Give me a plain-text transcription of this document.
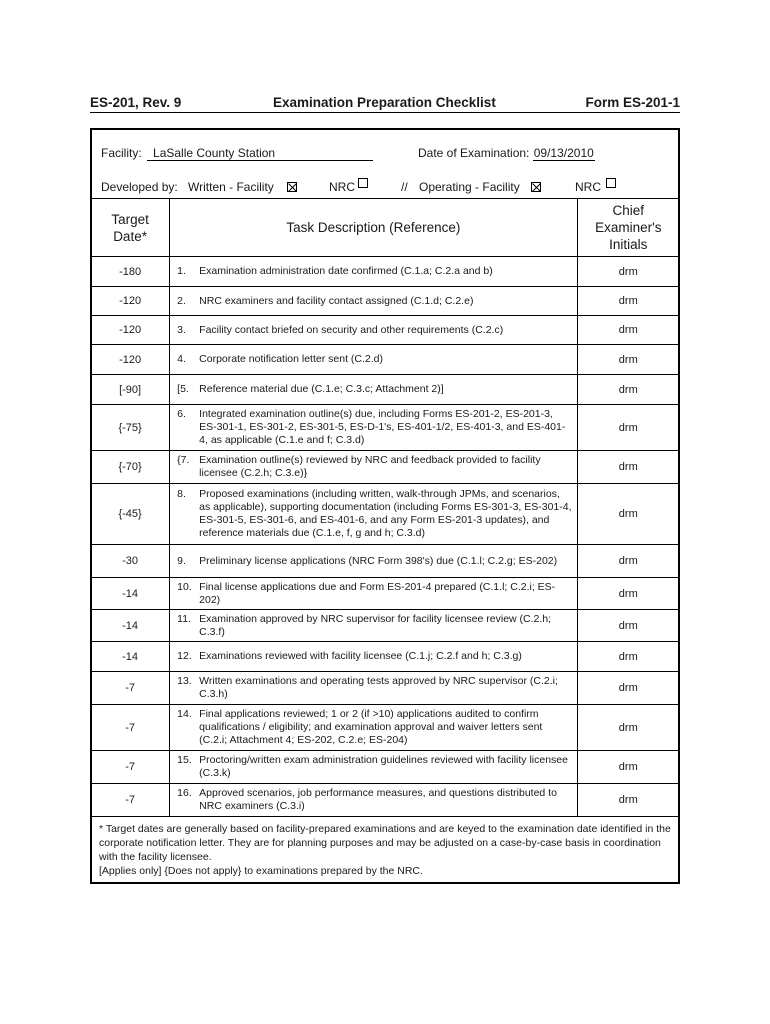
ES-201, Rev. 9	Examination Preparation Checklist	Form ES-201-1
Facility: LaSalle County Station	Date of Examination: 09/13/2010
Developed by: Written - Facility	NRC	// Operating - Facility	NRC
Target Date*	Task Description (Reference)	Chief Examiner's Initials

-180	1. Examination administration date confirmed (C.1.a; C.2.a and b)	drm
-120	2. NRC examiners and facility contact assigned (C.1.d; C.2.e)	drm
-120	3. Facility contact briefed on security and other requirements (C.2.c)	drm
-120	4. Corporate notification letter sent (C.2.d)	drm
[-90]	[5. Reference material due (C.1.e; C.3.c; Attachment 2)]	drm
{-75}	6. Integrated examination outline(s) due, including Forms ES-201-2, ES-201-3, ES-301-1, ES-301-2, ES-301-5, ES-D-1's, ES-401-1/2, ES-401-3, and ES-401-4, as applicable (C.1.e and f; C.3.d)	drm
{-70}	{7. Examination outline(s) reviewed by NRC and feedback provided to facility licensee (C.2.h; C.3.e)}	drm
{-45}	8. Proposed examinations (including written, walk-through JPMs, and scenarios, as applicable), supporting documentation (including Forms ES-301-3, ES-301-4, ES-301-5, ES-301-6, and ES-401-6, and any Form ES-201-3 updates), and reference materials due (C.1.e, f, g and h; C.3.d)	drm
-30	9. Preliminary license applications (NRC Form 398's) due (C.1.l; C.2.g; ES-202)	drm
-14	10. Final license applications due and Form ES-201-4 prepared (C.1.l; C.2.i; ES-202)	drm
-14	11. Examination approved by NRC supervisor for facility licensee review (C.2.h; C.3.f)	drm
-14	12. Examinations reviewed with facility licensee (C.1.j; C.2.f and h; C.3.g)	drm
-7	13. Written examinations and operating tests approved by NRC supervisor (C.2.i; C.3.h)	drm
-7	14. Final applications reviewed; 1 or 2 (if >10) applications audited to confirm qualifications / eligibility; and examination approval and waiver letters sent (C.2.i; Attachment 4; ES-202, C.2.e; ES-204)	drm
-7	15. Proctoring/written exam administration guidelines reviewed with facility licensee (C.3.k)	drm
-7	16. Approved scenarios, job performance measures, and questions distributed to NRC examiners (C.3.i)	drm

* Target dates are generally based on facility-prepared examinations and are keyed to the examination date identified in the corporate notification letter. They are for planning purposes and may be adjusted on a case-by-case basis in coordination with the facility licensee.

[Applies only] {Does not apply} to examinations prepared by the NRC.
